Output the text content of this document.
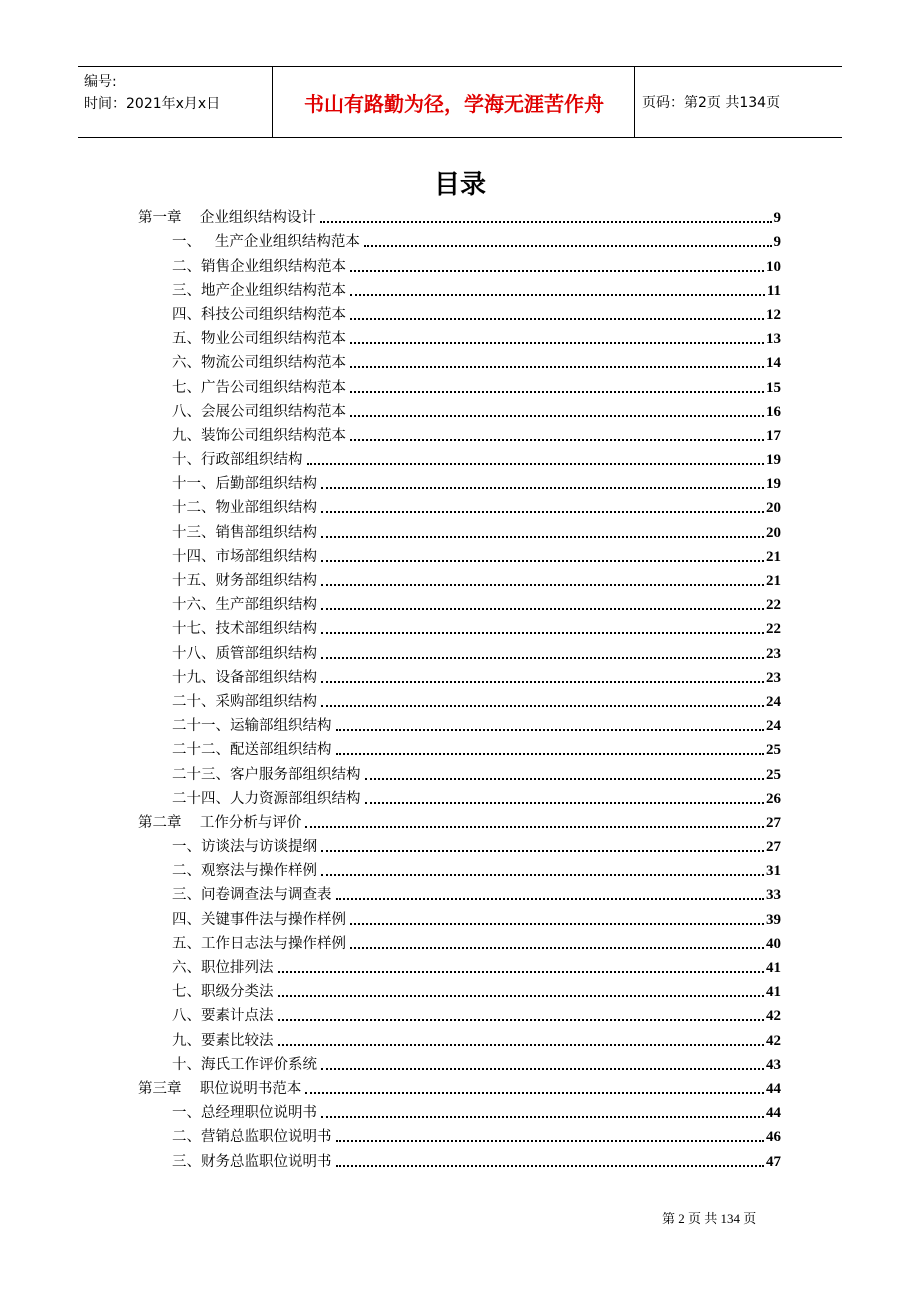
编号:
时间：2021年x月x日	书山有路勤为径，学海无涯苦作舟	页码：第2页 共134页
目录
第一章    企业组织结构设计	9
一、   生产企业组织结构范本	9
二、销售企业组织结构范本	10
三、地产企业组织结构范本	11
四、科技公司组织结构范本	12
五、物业公司组织结构范本	13
六、物流公司组织结构范本	14
七、广告公司组织结构范本	15
八、会展公司组织结构范本	16
九、装饰公司组织结构范本	17
十、行政部组织结构	19
十一、后勤部组织结构	19
十二、物业部组织结构	20
十三、销售部组织结构	20
十四、市场部组织结构	21
十五、财务部组织结构	21
十六、生产部组织结构	22
十七、技术部组织结构	22
十八、质管部组织结构	23
十九、设备部组织结构	23
二十、采购部组织结构	24
二十一、运输部组织结构	24
二十二、配送部组织结构	25
二十三、客户服务部组织结构	25
二十四、人力资源部组织结构	26
第二章    工作分析与评价	27
一、访谈法与访谈提纲	27
二、观察法与操作样例	31
三、问卷调查法与调查表	33
四、关键事件法与操作样例	39
五、工作日志法与操作样例	40
六、职位排列法	41
七、职级分类法	41
八、要素计点法	42
九、要素比较法	42
十、海氏工作评价系统	43
第三章    职位说明书范本	44
一、总经理职位说明书	44
二、营销总监职位说明书	46
三、财务总监职位说明书	47
第 2 页 共 134 页
